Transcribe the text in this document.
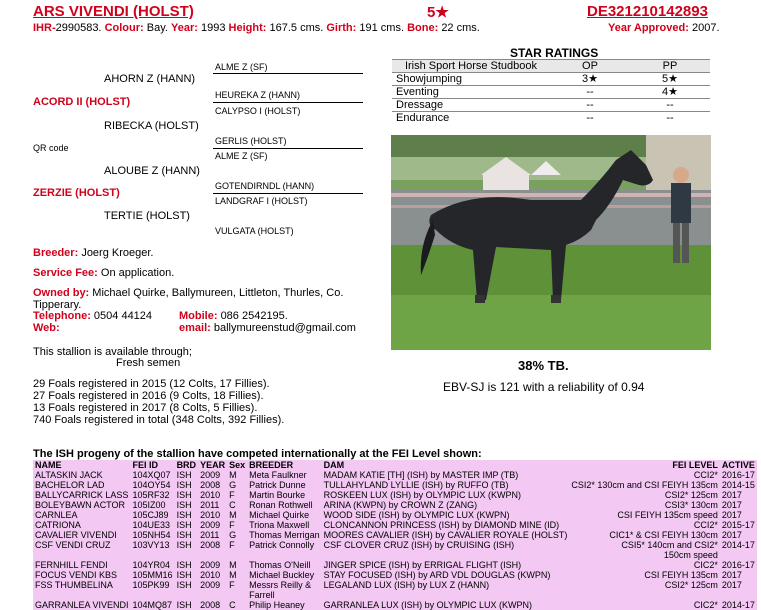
ARS VIVENDI (HOLST)	5★	DE321210142893
IHR-2990583. Colour: Bay. Year: 1993 Height: 167.5 cms. Girth: 191 cms. Bone: 22 cms.	Year Approved: 2007.
ALME Z (SF)
AHORN Z (HANN)
HEUREKA Z (HANN)
ACORD II (HOLST)
CALYPSO I (HOLST)
RIBECKA (HOLST)
GERLIS (HOLST)
QR code
ALME Z (SF)
ALOUBE Z (HANN)
GOTENDIRNDL (HANN)
ZERZIE (HOLST)
LANDGRAF I (HOLST)
TERTIE (HOLST)
VULGATA (HOLST)
STAR RATINGS
Irish Sport Horse Studbook	OP	PP
Showjumping	3★	5★
Eventing	--	4★
Dressage	--	--
Endurance	--	--
38% TB.
EBV-SJ is 121 with a reliability of 0.94
Breeder: Joerg Kroeger.
Service Fee: On application.
Owned by: Michael Quirke, Ballymureen, Littleton, Thurles, Co.
Tipperary.
Telephone: 0504 44124 Mobile: 086 2542195.
Web:	email: ballymureenstud@gmail.com
This stallion is available through;
Fresh semen
29 Foals registered in 2015 (12 Colts, 17 Fillies).
27 Foals registered in 2016 (9 Colts, 18 Fillies).
13 Foals registered in 2017 (8 Colts, 5 Fillies).
740 Foals registered in total (348 Colts, 392 Fillies).
The ISH progeny of the stallion have competed internationally at the FEI Level shown:
NAME	FEI ID	BRD	YEAR	Sex	BREEDER	DAM	FEI LEVEL	ACTIVE
ALTASKIN JACK	104XQ07	ISH	2009	M	Meta Faulkner	MADAM KATIE [TH] (ISH) by MASTER IMP (TB)	CCI2*	2016-17
BACHELOR LAD	104OY54	ISH	2008	G	Patrick Dunne	TULLAHYLAND LYLLIE (ISH) by RUFFO (TB)	CSI2* 130cm and CSI FEIYH 135cm	2014-15
BALLYCARRICK LASS	105RF32	ISH	2010	F	Martin Bourke	ROSKEEN LUX (ISH) by OLYMPIC LUX (KWPN)	CSI2* 125cm	2017
BOLEYBAWN ACTOR	105IZ00	ISH	2011	C	Ronan Rothwell	ARINA (KWPN) by CROWN Z (ZANG)	CSI3* 130cm	2017
CARNLEA	105CJ89	ISH	2010	M	Michael Quirke	WOOD SIDE (ISH) by OLYMPIC LUX (KWPN)	CSI FEIYH 135cm speed	2017
CATRIONA	104UE33	ISH	2009	F	Triona Maxwell	CLONCANNON PRINCESS (ISH) by DIAMOND MINE (ID)	CCI2*	2015-17
CAVALIER VIVENDI	105NH54	ISH	2011	G	Thomas Merrigan	MOORES CAVALIER (ISH) by CAVALIER ROYALE (HOLST)	CIC1* & CSI FEIYH 130cm	2017
CSF VENDI CRUZ	103VY13	ISH	2008	F	Patrick Connolly	CSF CLOVER CRUZ (ISH) by CRUISING (ISH)	CSI5* 140cm and CSI2*	2014-17
							150cm speed	
FERNHILL FENDI	104YR04	ISH	2009	M	Thomas O'Neill	JINGER SPICE (ISH) by ERRIGAL FLIGHT (ISH)	CIC2*	2016-17
FOCUS VENDI KBS	105MM16	ISH	2010	M	Michael Buckley	STAY FOCUSED (ISH) by ARD VDL DOUGLAS (KWPN)	CSI FEIYH 135cm	2017
FSS THUMBELINA	105PK99	ISH	2009	F	Messrs Reilly &	LEGALAND LUX (ISH) by LUX Z (HANN)	CSI2* 125cm	2017
					Farrell			
GARRANLEA VIVENDI	104MQ87	ISH	2008	C	Philip Heaney	GARRANLEA LUX (ISH) by OLYMPIC LUX (KWPN)	CIC2*	2014-17
